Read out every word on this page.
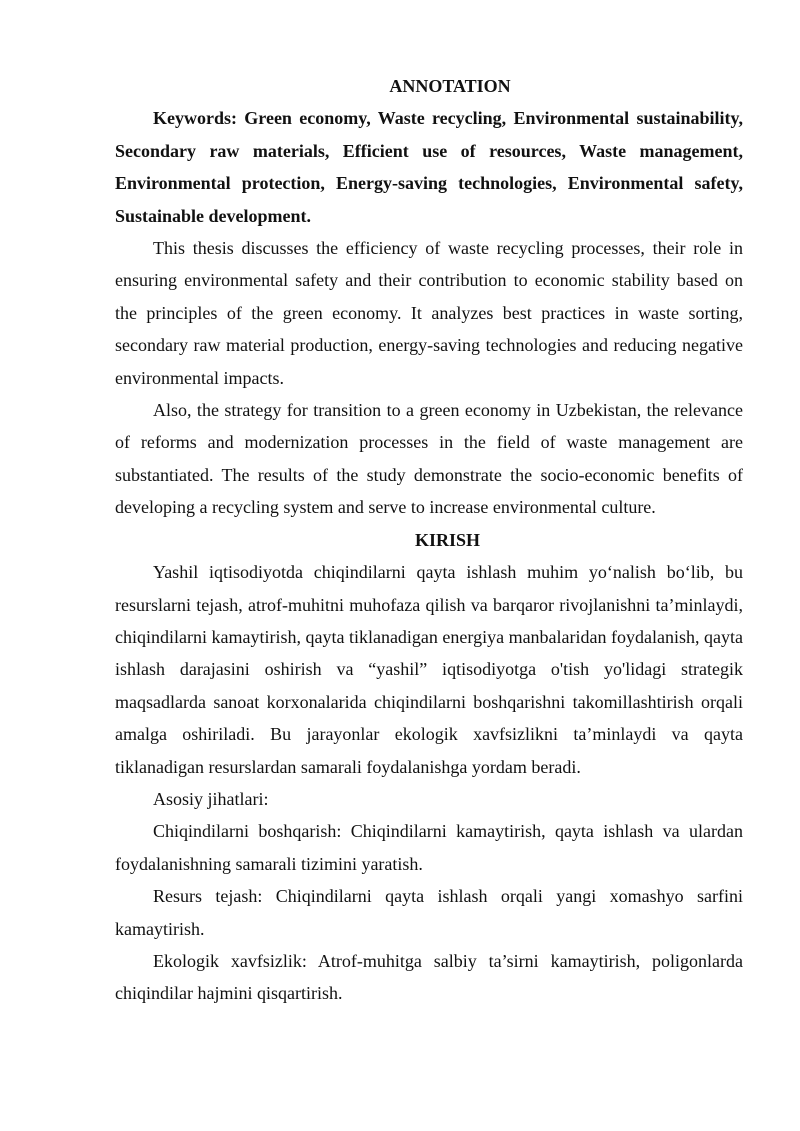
ANNOTATION

Keywords: Green economy, Waste recycling, Environmental sustainability, Secondary raw materials, Efficient use of resources, Waste management, Environmental protection, Energy-saving technologies, Environmental safety, Sustainable development.

This thesis discusses the efficiency of waste recycling processes, their role in ensuring environmental safety and their contribution to economic stability based on the principles of the green economy. It analyzes best practices in waste sorting, secondary raw material production, energy-saving technologies and reducing negative environmental impacts.

Also, the strategy for transition to a green economy in Uzbekistan, the relevance of reforms and modernization processes in the field of waste management are substantiated. The results of the study demonstrate the socio-economic benefits of developing a recycling system and serve to increase environmental culture.

KIRISH

Yashil iqtisodiyotda chiqindilarni qayta ishlash muhim yo‘nalish bo‘lib, bu resurslarni tejash, atrof-muhitni muhofaza qilish va barqaror rivojlanishni ta’minlaydi, chiqindilarni kamaytirish, qayta tiklanadigan energiya manbalaridan foydalanish, qayta ishlash darajasini oshirish va “yashil” iqtisodiyotga o'tish yo'lidagi strategik maqsadlarda sanoat korxonalarida chiqindilarni boshqarishni takomillashtirish orqali amalga oshiriladi. Bu jarayonlar ekologik xavfsizlikni ta’minlaydi va qayta tiklanadigan resurslardan samarali foydalanishga yordam beradi.

Asosiy jihatlari:

Chiqindilarni boshqarish: Chiqindilarni kamaytirish, qayta ishlash va ulardan foydalanishning samarali tizimini yaratish.

Resurs tejash: Chiqindilarni qayta ishlash orqali yangi xomashyo sarfini kamaytirish.

Ekologik xavfsizlik: Atrof-muhitga salbiy ta’sirni kamaytirish, poligonlarda chiqindilar hajmini qisqartirish.
